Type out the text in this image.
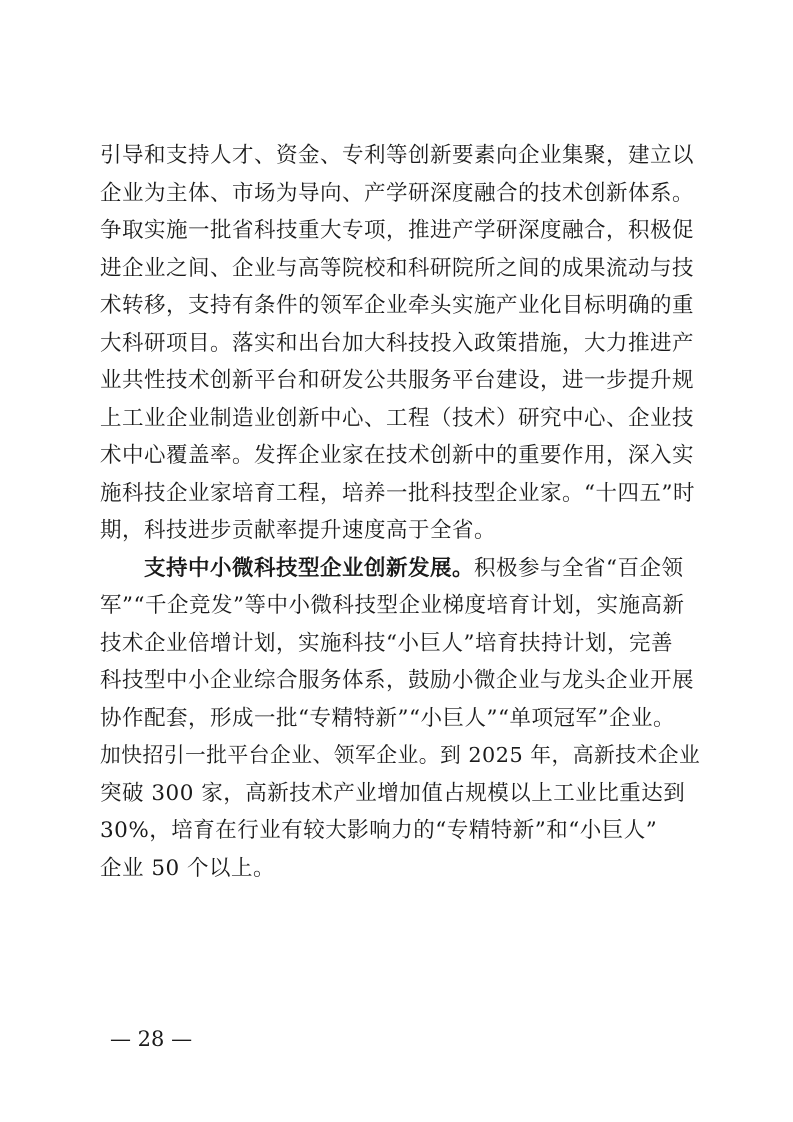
引导和支持人才、资金、专利等创新要素向企业集聚，建立以
企业为主体、市场为导向、产学研深度融合的技术创新体系。
争取实施一批省科技重大专项，推进产学研深度融合，积极促
进企业之间、企业与高等院校和科研院所之间的成果流动与技
术转移，支持有条件的领军企业牵头实施产业化目标明确的重
大科研项目。落实和出台加大科技投入政策措施，大力推进产
业共性技术创新平台和研发公共服务平台建设，进一步提升规
上工业企业制造业创新中心、工程（技术）研究中心、企业技
术中心覆盖率。发挥企业家在技术创新中的重要作用，深入实
施科技企业家培育工程，培养一批科技型企业家。“十四五”时
期，科技进步贡献率提升速度高于全省。
支持中小微科技型企业创新发展。积极参与全省“百企领
军”“千企竞发”等中小微科技型企业梯度培育计划，实施高新
技术企业倍增计划，实施科技“小巨人”培育扶持计划，完善
科技型中小企业综合服务体系，鼓励小微企业与龙头企业开展
协作配套，形成一批“专精特新”“小巨人”“单项冠军”企业。
加快招引一批平台企业、领军企业。到 2025 年，高新技术企业
突破 300 家，高新技术产业增加值占规模以上工业比重达到
30%，培育在行业有较大影响力的“专精特新”和“小巨人”
企业 50 个以上。
— 28 —
